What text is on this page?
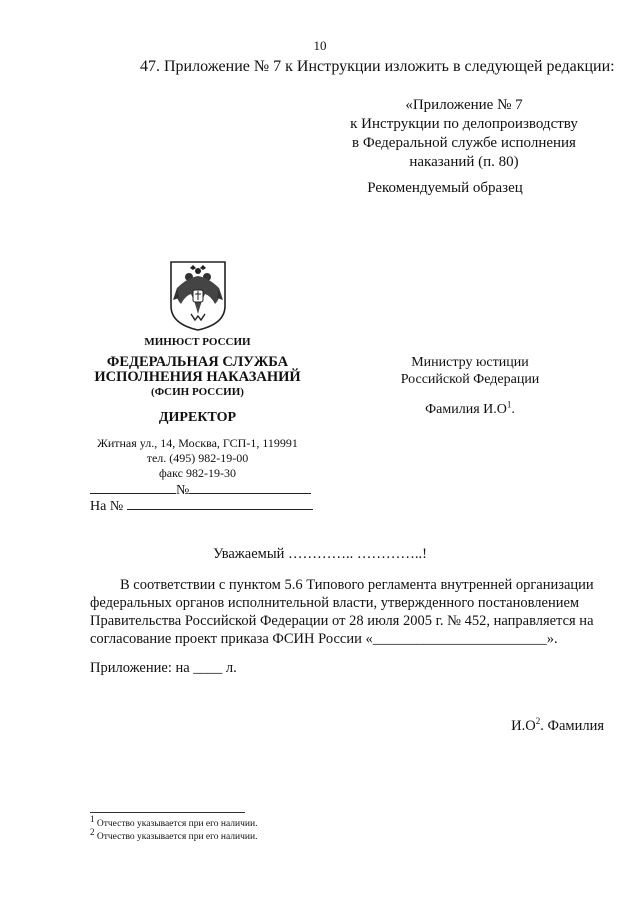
10
47. Приложение № 7 к Инструкции изложить в следующей редакции:
«Приложение № 7
к Инструкции по делопроизводству
в Федеральной службе исполнения
наказаний (п. 80)
Рекомендуемый образец
МИНЮСТ РОССИИ
ФЕДЕРАЛЬНАЯ СЛУЖБА
ИСПОЛНЕНИЯ НАКАЗАНИЙ
(ФСИН РОССИИ)
ДИРЕКТОР
Житная ул., 14, Москва, ГСП-1, 119991
тел. (495) 982-19-00
факс 982-19-30
№
На №
Министру юстиции
Российской Федерации
Фамилия $И.О^1$.
Уважаемый ………….. …………..!

В соответствии с пунктом 5.6 Типового регламента внутренней организации федеральных органов исполнительной власти, утвержденного постановлением Правительства Российской Федерации от 28 июля 2005 г. № 452, направляется на согласование проект приказа ФСИН России «________________________».

Приложение: на ____ л.
$И.О^2$. Фамилия
$^1$ Отчество указывается при его наличии.
$^2$ Отчество указывается при его наличии.
